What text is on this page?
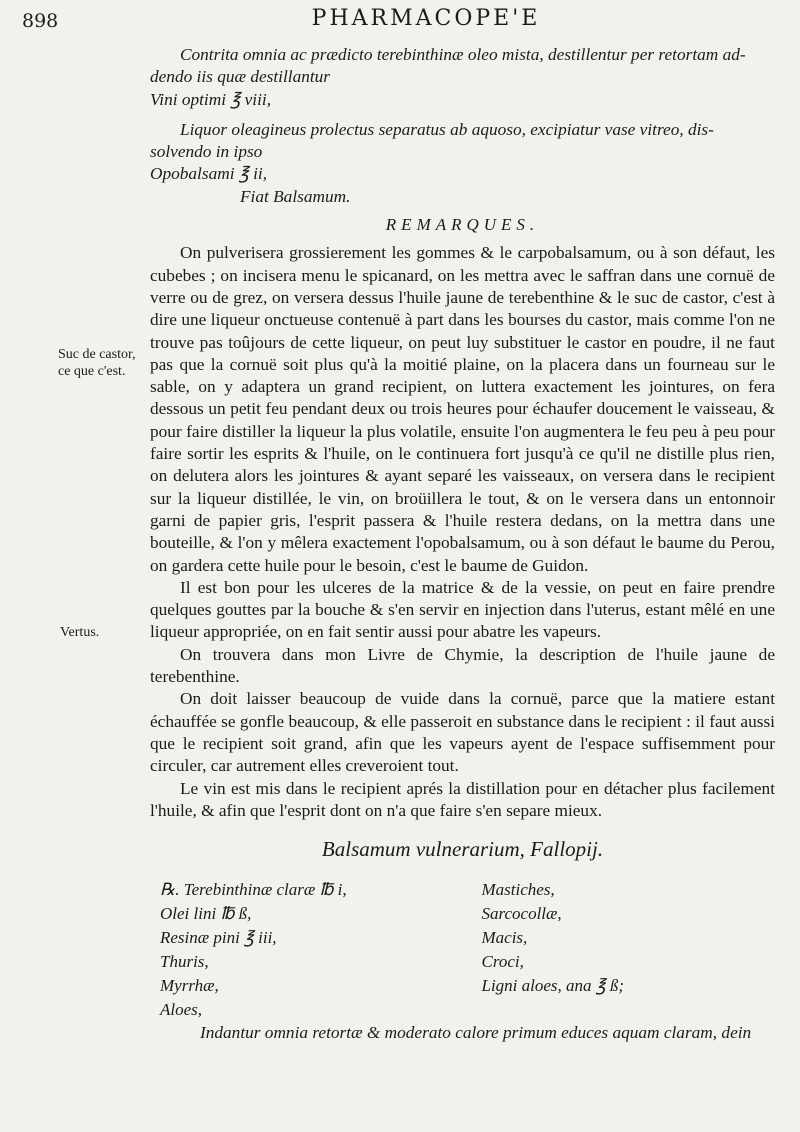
898	PHARMACOPE'E
Suc de castor, ce que c'est.
Vertus.

Contrita omnia ac prædicto terebinthinæ oleo mista, destillentur per retortam ad-

dendo iis quæ destillantur

Vini optimi ℥ viii,

Liquor oleagineus prolectus separatus ab aquoso, excipiatur vase vitreo, dis-

solvendo in ipso

Opobalsami ℥ ii,

Fiat Balsamum.

REMARQUES.

On pulverisera grossierement les gommes & le carpobalsamum, ou à son défaut, les cubebes ; on incisera menu le spicanard, on les mettra avec le saffran dans une cornuë de verre ou de grez, on versera dessus l'huile jaune de terebenthine & le suc de castor, c'est à dire une liqueur onctueuse contenuë à part dans les bourses du castor, mais comme l'on ne trouve pas toûjours de cette liqueur, on peut luy substituer le castor en poudre, il ne faut pas que la cornuë soit plus qu'à la moitié plaine, on la placera dans un fourneau sur le sable, on y adaptera un grand recipient, on luttera exactement les jointures, on fera dessous un petit feu pendant deux ou trois heures pour échaufer doucement le vaisseau, & pour faire distiller la liqueur la plus volatile, ensuite l'on augmentera le feu peu à peu pour faire sortir les esprits & l'huile, on le continuera fort jusqu'à ce qu'il ne distille plus rien, on delutera alors les jointures & ayant separé les vaisseaux, on versera dans le recipient sur la liqueur distillée, le vin, on broüillera le tout, & on le versera dans un entonnoir garni de papier gris, l'esprit passera & l'huile restera dedans, on la mettra dans une bouteille, & l'on y mêlera exactement l'opobalsamum, ou à son défaut le baume du Perou, on gardera cette huile pour le besoin, c'est le baume de Guidon.

Il est bon pour les ulceres de la matrice & de la vessie, on peut en faire prendre quelques gouttes par la bouche & s'en servir en injection dans l'uterus, estant mêlé en une liqueur appropriée, on en fait sentir aussi pour abatre les vapeurs.

On trouvera dans mon Livre de Chymie, la description de l'huile jaune de terebenthine.

On doit laisser beaucoup de vuide dans la cornuë, parce que la matiere estant échauffée se gonfle beaucoup, & elle passeroit en substance dans le recipient : il faut aussi que le recipient soit grand, afin que les vapeurs ayent de l'espace suffisemment pour circuler, car autrement elles creveroient tout.

Le vin est mis dans le recipient aprés la distillation pour en détacher plus facilement l'huile, & afin que l'esprit dont on n'a que faire s'en separe mieux.

Balsamum vulnerarium, Fallopij.
℞. Terebinthinæ claræ ℔ i,
Olei lini ℔ ß,
Resinæ pini ℥ iii,
Thuris,
Myrrhæ,
Aloes,
Mastiches,
Sarcocollæ,
Macis,
Croci,
Ligni aloes, ana ℥ ß;

Indantur omnia retortæ & moderato calore primum educes aquam claram, dein
